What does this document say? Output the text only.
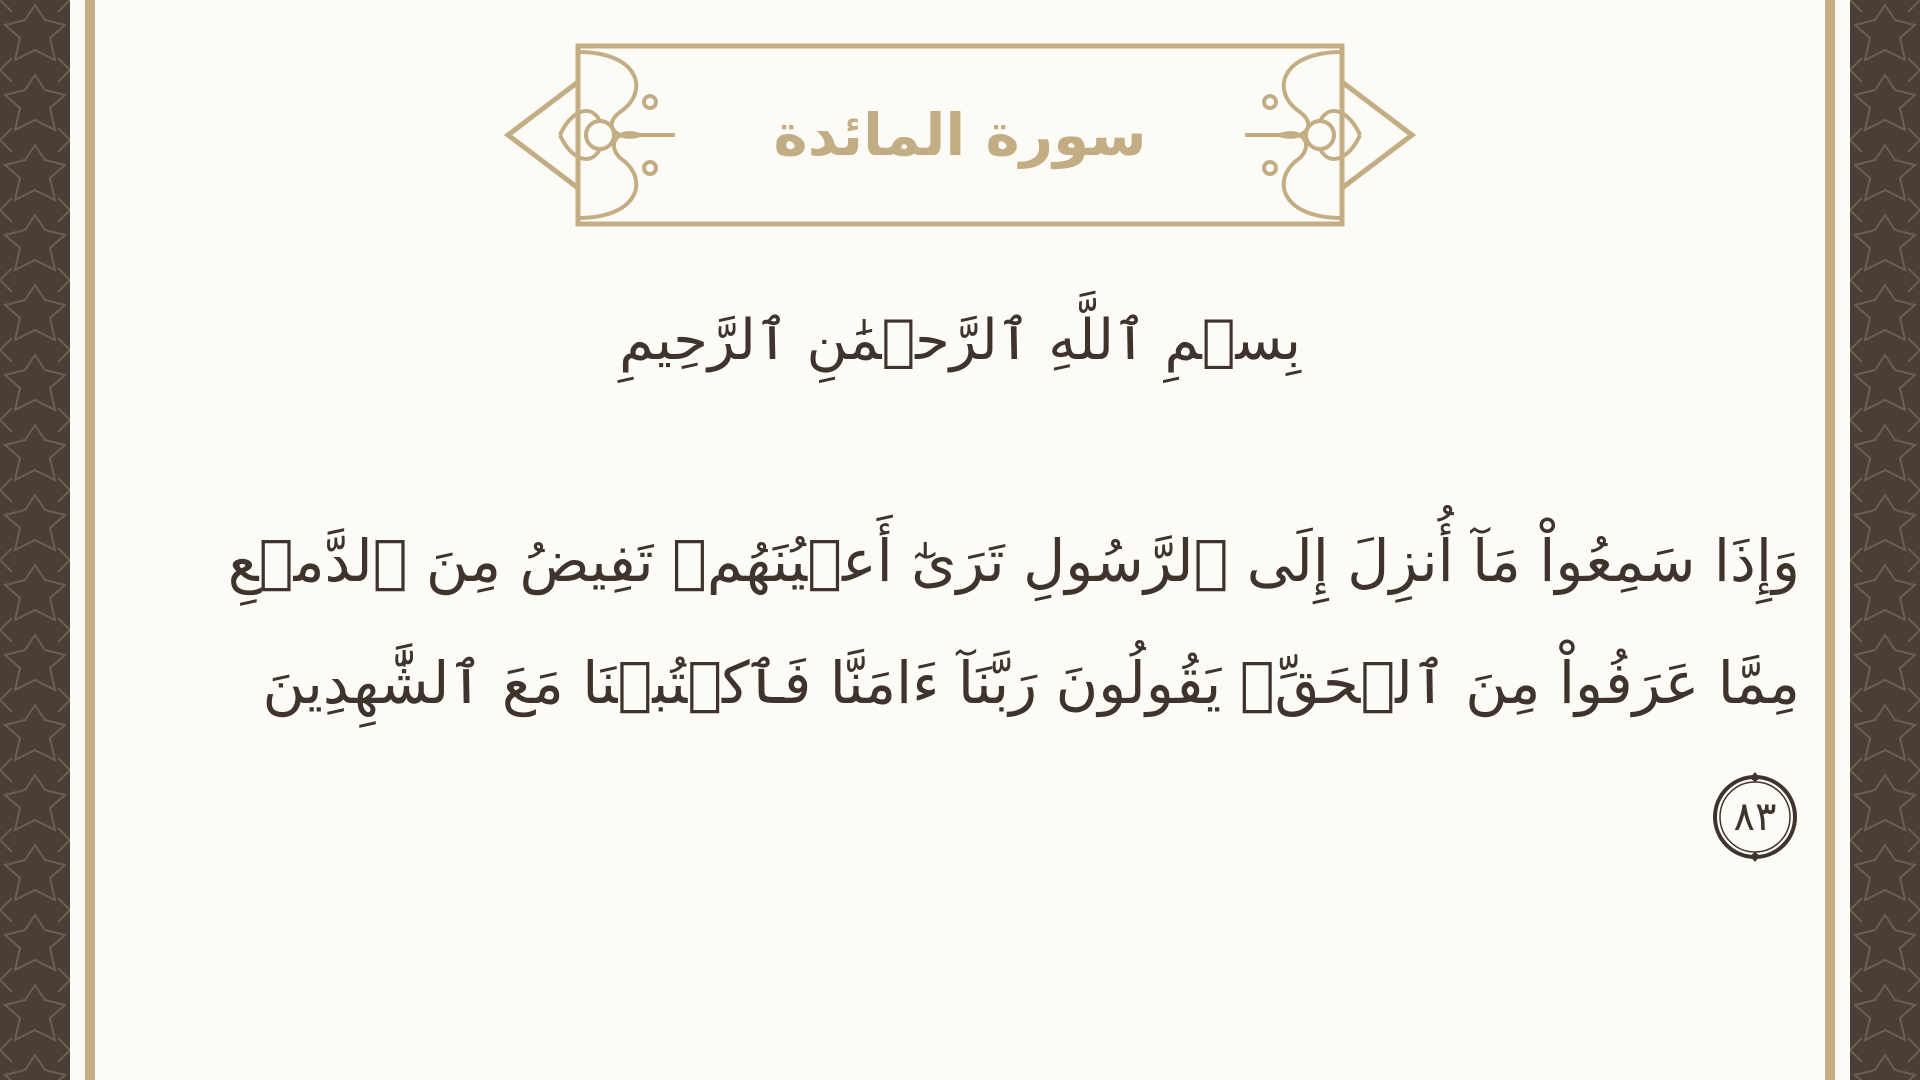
سورة المائدة
بِسۡمِ ٱللَّهِ ٱلرَّحۡمَٰنِ ٱلرَّحِيمِ
وَإِذَا سَمِعُواْ مَآ أُنزِلَ إِلَى ٱلرَّسُولِ تَرَىٰٓ أَعۡيُنَهُمۡ تَفِيضُ مِنَ ٱلدَّمۡعِ
مِمَّا عَرَفُواْ مِنَ ٱلۡحَقِّۖ يَقُولُونَ رَبَّنَآ ءَامَنَّا فَٱكۡتُبۡنَا مَعَ ٱلشَّٰهِدِينَ
٨٣
